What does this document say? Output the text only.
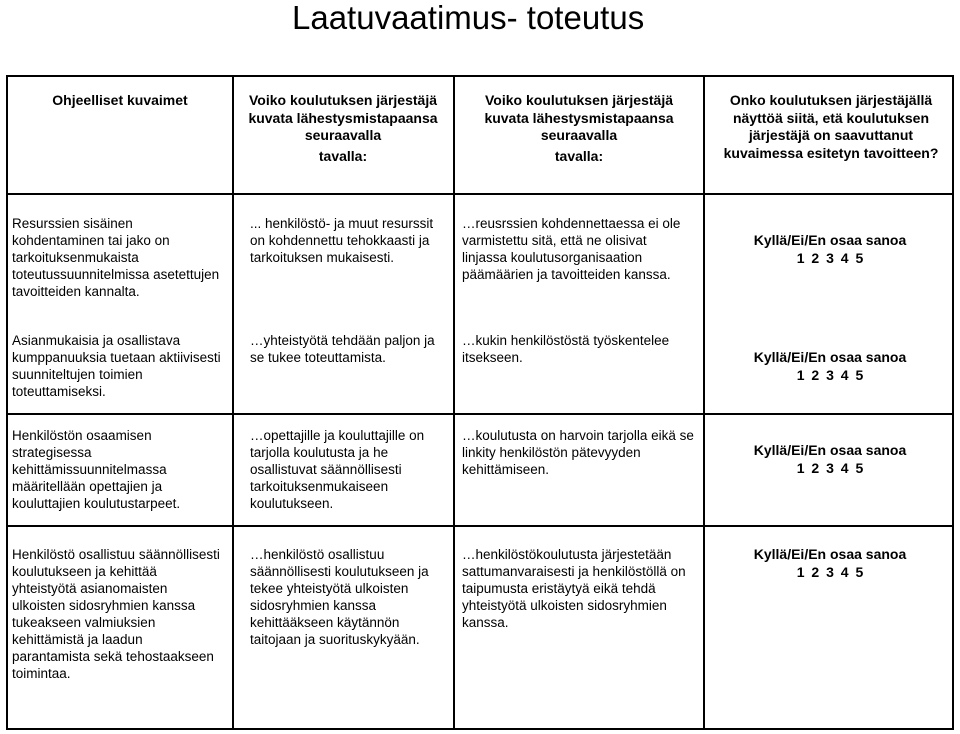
Laatuvaatimus- toteutus
Ohjeelliset kuvaimet	Voiko koulutuksen järjestäjä kuvata lähestysmistapaansa seuraavalla
tavalla:
Voiko koulutuksen järjestäjä kuvata lähestysmistapaansa seuraavalla
tavalla:
Onko koulutuksen järjestäjällä näyttöä siitä, etä koulutuksen järjestäjä on saavuttanut kuvaimessa esitetyn tavoitteen?
Resurssien sisäinen kohdentaminen tai jako on tarkoituksenmukaista toteutussuunnitelmissa asetettujen tavoitteiden kannalta.
... henkilöstö- ja muut resurssit on kohdennettu tehokkaasti ja tarkoituksen mukaisesti.
…reusrssien kohdennettaessa ei ole varmistettu sitä, että ne olisivat linjassa koulutusorganisaation päämäärien ja tavoitteiden kanssa.
Kyllä/Ei/En osaa sanoa
1 2 3 4 5
Asianmukaisia ja osallistava kumppanuuksia tuetaan aktiivisesti suunniteltujen toimien toteuttamiseksi.
…yhteistyötä tehdään paljon ja se tukee toteuttamista.
…kukin henkilöstöstä työskentelee itsekseen.	Kyllä/Ei/En osaa sanoa
1 2 3 4 5
Henkilöstön osaamisen strategisessa kehittämissuunnitelmassa määritellään opettajien ja kouluttajien koulutustarpeet.
…opettajille ja kouluttajille on tarjolla koulutusta ja he osallistuvat säännöllisesti tarkoituksenmukaiseen koulutukseen.
…koulutusta on harvoin tarjolla eikä se linkity henkilöstön pätevyyden kehittämiseen.
Kyllä/Ei/En osaa sanoa
1 2 3 4 5
Henkilöstö osallistuu säännöllisesti koulutukseen ja kehittää yhteistyötä asianomaisten ulkoisten sidosryhmien kanssa tukeakseen valmiuksien kehittämistä ja laadun parantamista sekä tehostaakseen toimintaa.
…henkilöstö osallistuu säännöllisesti koulutukseen ja tekee yhteistyötä ulkoisten sidosryhmien kanssa kehittääkseen käytännön taitojaan ja suorituskykyään.
…henkilöstökoulutusta järjestetään sattumanvaraisesti ja henkilöstöllä on taipumusta eristäytyä eikä tehdä yhteistyötä ulkoisten sidosryhmien kanssa.
Kyllä/Ei/En osaa sanoa
1 2 3 4 5
